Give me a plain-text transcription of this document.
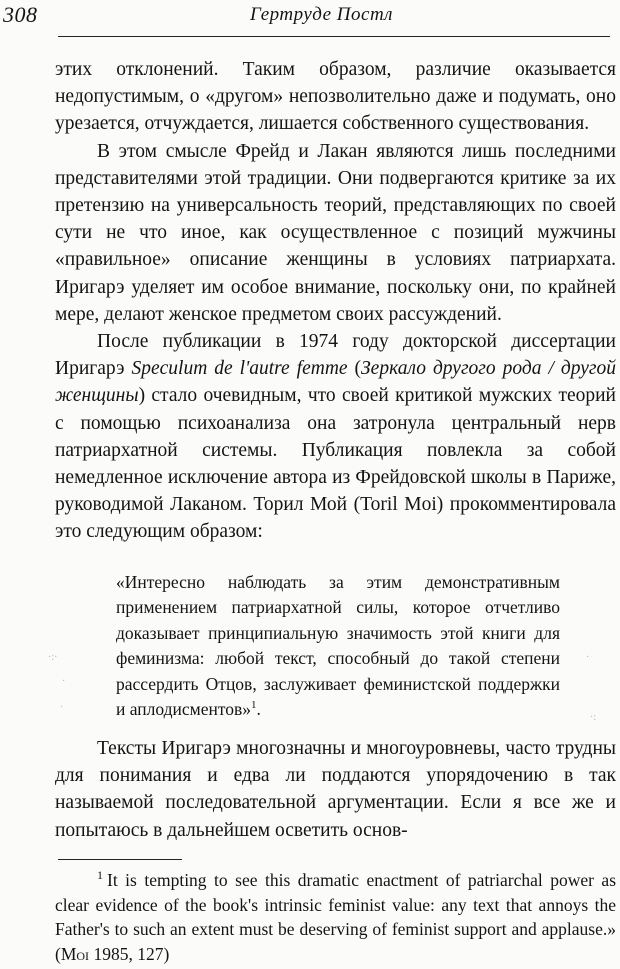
308	Гертруде Постл

этих отклонений. Таким образом, различие оказывается недопустимым, о «другом» непозволительно даже и подумать, оно урезается, отчуждается, лишается собственного существования.

В этом смысле Фрейд и Лакан являются лишь последними представителями этой традиции. Они подвергаются критике за их претензию на универсальность теорий, представляющих по своей сути не что иное, как осуществленное с позиций мужчины «правильное» описание женщины в условиях патриархата. Иригарэ уделяет им особое внимание, поскольку они, по крайней мере, делают женское предметом своих рассуждений.

После публикации в 1974 году докторской диссертации Иригарэ Speculum de l'autre femme (Зеркало другого рода / другой женщины) стало очевидным, что своей критикой мужских теорий с помощью психоанализа она затронула центральный нерв патриархатной системы. Публикация повлекла за собой немедленное исключение автора из Фрейдовской школы в Париже, руководимой Лаканом. Торил Мой (Toril Moi) прокомментировала это следующим образом:

«Интересно наблюдать за этим демонстративным применением патриархатной силы, которое отчетливо доказывает принципиальную значимость этой книги для феминизма: любой текст, способный до такой степени рассердить Отцов, заслуживает феминистской поддержки и аплодисментов»$^1$.

·:·
·
·
·
·:

Тексты Иригарэ многозначны и многоуровневы, часто трудны для понимания и едва ли поддаются упорядочению в так называемой последовательной аргументации. Если я все же и попытаюсь в дальнейшем осветить основ-

$^1$ It is tempting to see this dramatic enactment of patriarchal power as clear evidence of the book's intrinsic feminist value: any text that annoys the Father's to such an extent must be deserving of feminist support and applause.» (Moi 1985, 127)
